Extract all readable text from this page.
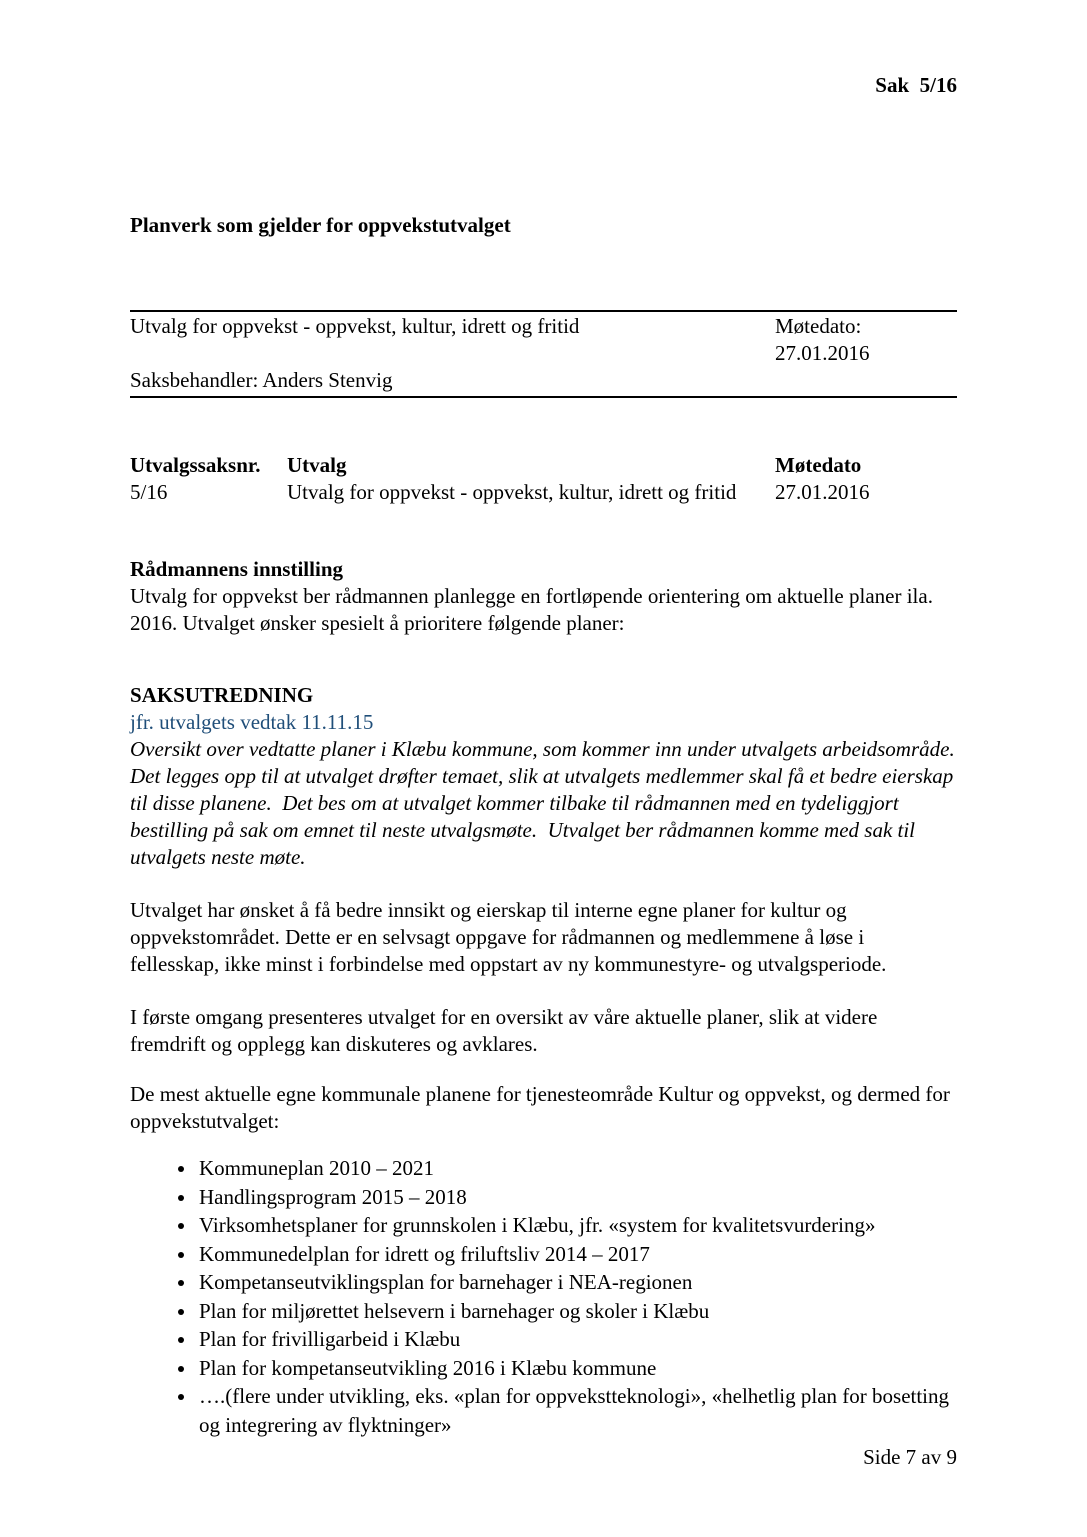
Sak  5/16
Planverk som gjelder for oppvekstutvalget
Utvalg for oppvekst - oppvekst, kultur, idrett og fritid	Møtedato: 27.01.2016
Saksbehandler: Anders Stenvig
Utvalgssaksnr.	Utvalg	Møtedato
5/16	Utvalg for oppvekst - oppvekst, kultur, idrett og fritid	27.01.2016
Rådmannens innstilling
Utvalg for oppvekst ber rådmannen planlegge en fortløpende orientering om aktuelle planer ila. 2016. Utvalget ønsker spesielt å prioritere følgende planer:
SAKSUTREDNING
jfr. utvalgets vedtak 11.11.15
Oversikt over vedtatte planer i Klæbu kommune, som kommer inn under utvalgets arbeidsområde. Det legges opp til at utvalget drøfter temaet, slik at utvalgets medlemmer skal få et bedre eierskap til disse planene.  Det bes om at utvalget kommer tilbake til rådmannen med en tydeliggjort bestilling på sak om emnet til neste utvalgsmøte.  Utvalget ber rådmannen komme med sak til utvalgets neste møte.
Utvalget har ønsket å få bedre innsikt og eierskap til interne egne planer for kultur og oppvekstområdet. Dette er en selvsagt oppgave for rådmannen og medlemmene å løse i fellesskap, ikke minst i forbindelse med oppstart av ny kommunestyre- og utvalgsperiode.
I første omgang presenteres utvalget for en oversikt av våre aktuelle planer, slik at videre fremdrift og opplegg kan diskuteres og avklares.
De mest aktuelle egne kommunale planene for tjenesteområde Kultur og oppvekst, og dermed for oppvekstutvalget:
• Kommuneplan 2010 – 2021
• Handlingsprogram 2015 – 2018
• Virksomhetsplaner for grunnskolen i Klæbu, jfr. «system for kvalitetsvurdering»
• Kommunedelplan for idrett og friluftsliv 2014 – 2017
• Kompetanseutviklingsplan for barnehager i NEA-regionen
• Plan for miljørettet helsevern i barnehager og skoler i Klæbu
• Plan for frivilligarbeid i Klæbu
• Plan for kompetanseutvikling 2016 i Klæbu kommune
• ….(flere under utvikling, eks. «plan for oppvekstteknologi», «helhetlig plan for bosetting og integrering av flyktninger»
Side 7 av 9
